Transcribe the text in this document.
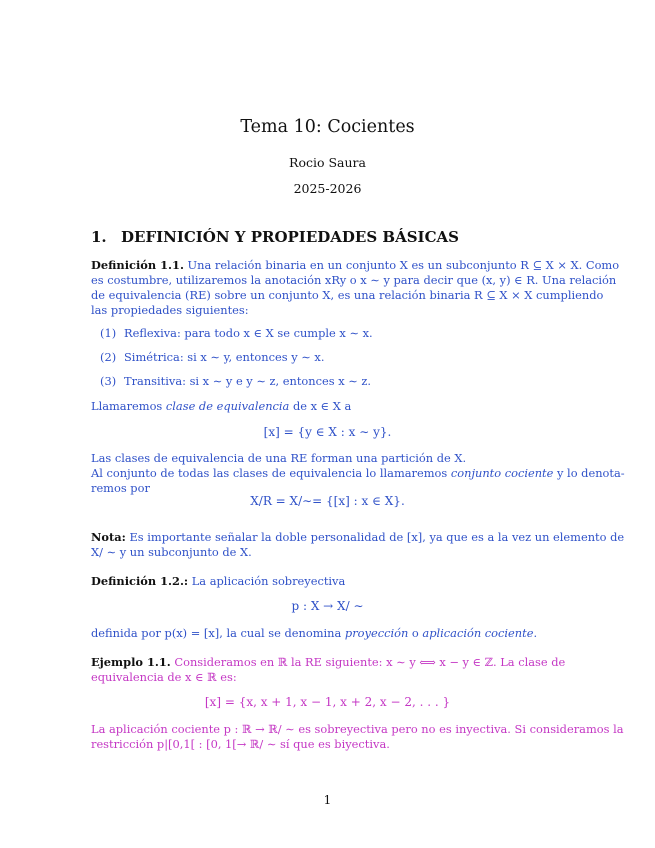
Tema 10: Cocientes
Rocio Saura
2025-2026
1. DEFINICIÓN Y PROPIEDADES BÁSICAS
Definición 1.1. Una relación binaria en un conjunto X es un subconjunto R ⊆ X × X. Como
es costumbre, utilizaremos la anotación xRy o x ∼ y para decir que (x, y) ∈ R. Una relación
de equivalencia (RE) sobre un conjunto X, es una relación binaria R ⊆ X × X cumpliendo
las propiedades siguientes:
(1) Reflexiva: para todo x ∈ X se cumple x ∼ x.
(2) Simétrica: si x ∼ y, entonces y ∼ x.
(3) Transitiva: si x ∼ y e y ∼ z, entonces x ∼ z.
Llamaremos clase de equivalencia de x ∈ X a
[x] = {y ∈ X : x ∼ y}.
Las clases de equivalencia de una RE forman una partición de X.
Al conjunto de todas las clases de equivalencia lo llamaremos conjunto cociente y lo denota-
remos por
X/R = X/∼= {[x] : x ∈ X}.
Nota: Es importante señalar la doble personalidad de [x], ya que es a la vez un elemento de
X/ ∼ y un subconjunto de X.
Definición 1.2.: La aplicación sobreyectiva
p : X → X/ ∼
definida por p(x) = [x], la cual se denomina proyección o aplicación cociente.
Ejemplo 1.1. Consideramos en ℝ la RE siguiente: x ∼ y ⟺ x − y ∈ ℤ. La clase de
equivalencia de x ∈ ℝ es:
[x] = {x, x + 1, x − 1, x + 2, x − 2, . . . }
La aplicación cociente p : ℝ → ℝ/ ∼ es sobreyectiva pero no es inyectiva. Si consideramos la
restricción p|[0,1[ : [0, 1[→ ℝ/ ∼ sí que es biyectiva.
1
